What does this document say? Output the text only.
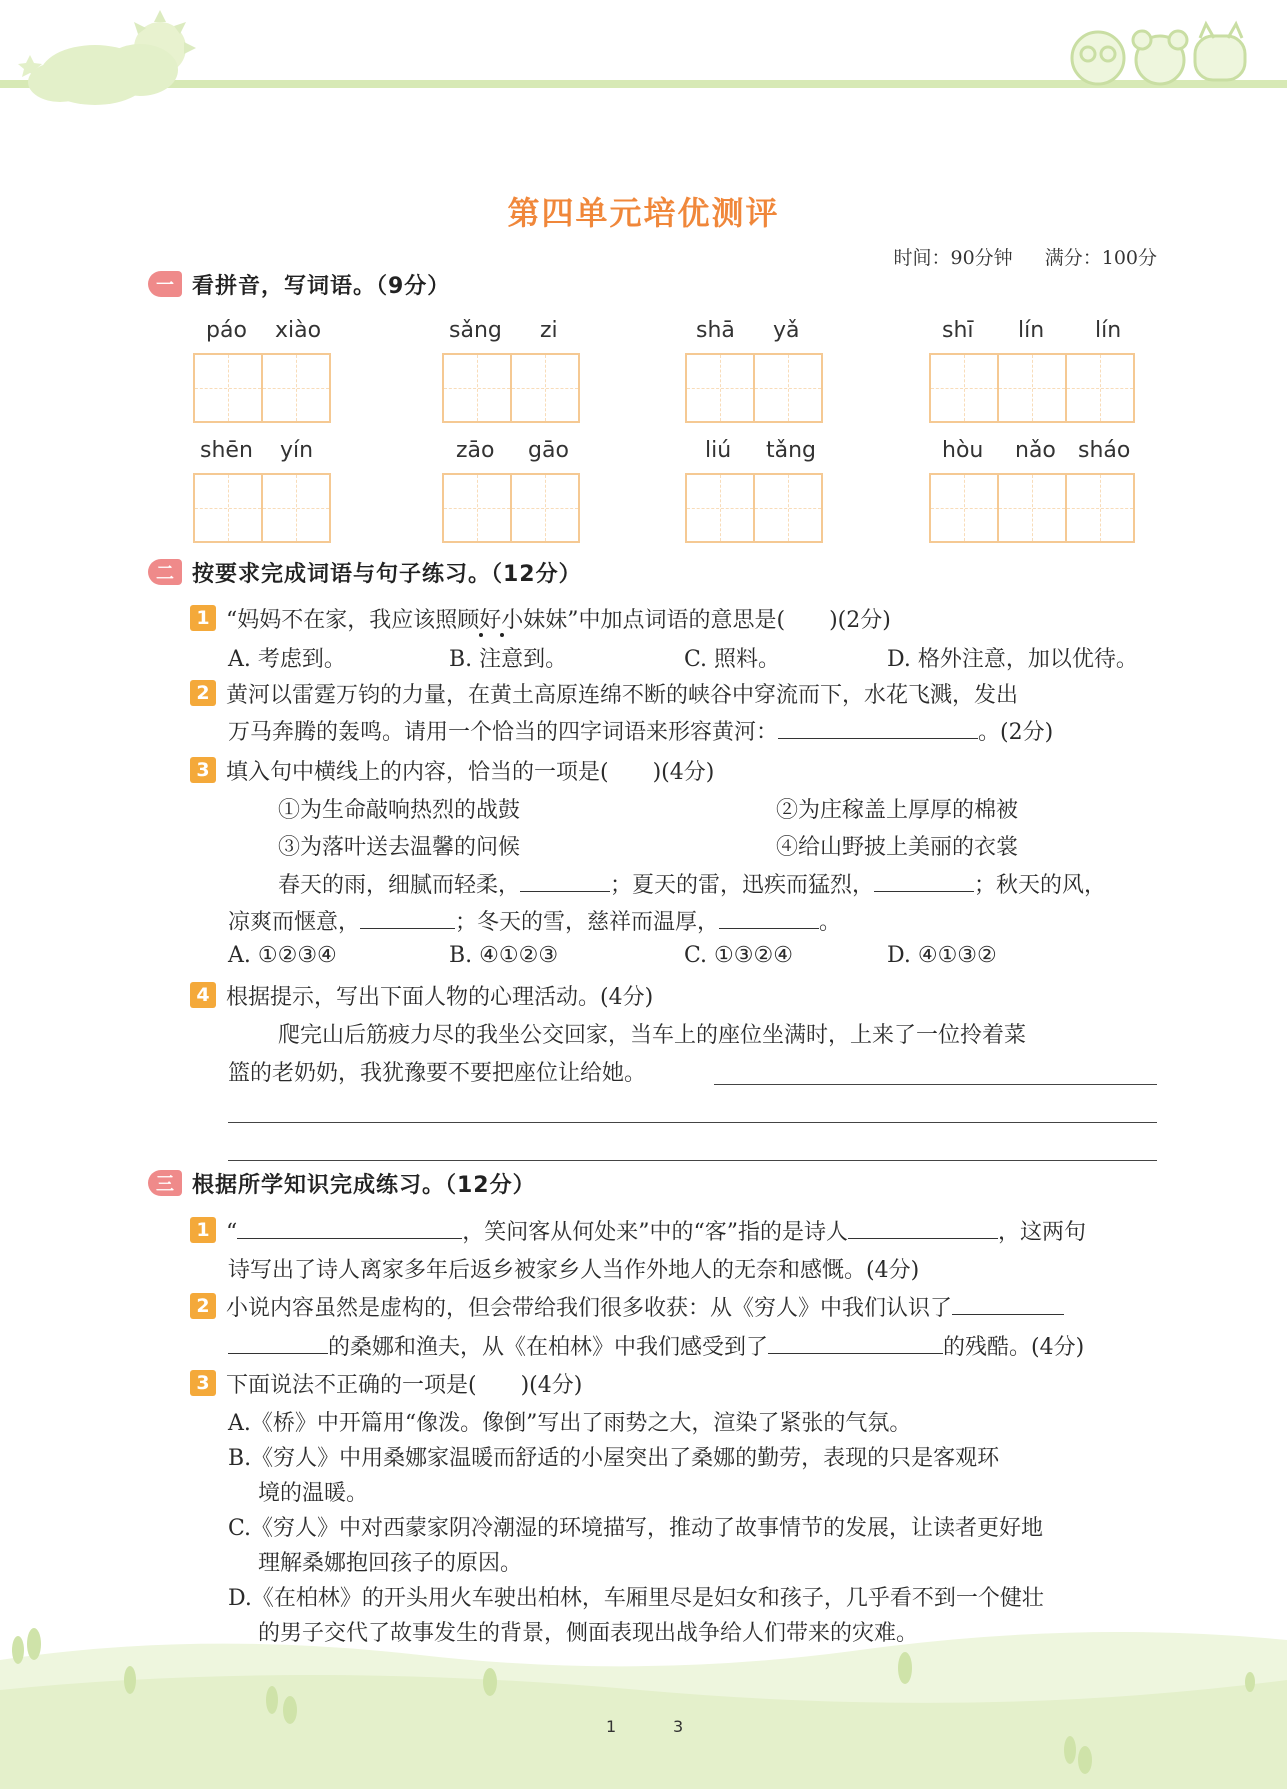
第四单元培优测评
时间：90分钟 满分：100分
一 看拼音，写词语。（9分）
páo xiào	sǎng zi	shā yǎ	shī lín lín
shēn yín	zāo gāo	liú tǎng	hòu nǎo sháo
二 按要求完成词语与句子练习。（12分）
1 “妈妈不在家，我应该照顾好小妹妹”中加点词语的意思是(　　)(2分)
A. 考虑到。	B. 注意到。	C. 照料。	D. 格外注意，加以优待。
2 黄河以雷霆万钧的力量，在黄土高原连绵不断的峡谷中穿流而下，水花飞溅，发出
万马奔腾的轰鸣。请用一个恰当的四字词语来形容黄河：	。(2分)
3 填入句中横线上的内容，恰当的一项是(　　)(4分)
①为生命敲响热烈的战鼓	②为庄稼盖上厚厚的棉被
③为落叶送去温馨的问候	④给山野披上美丽的衣裳
春天的雨，细腻而轻柔，	；夏天的雷，迅疾而猛烈，	；秋天的风，
凉爽而惬意，	；冬天的雪，慈祥而温厚，	。
A. ①②③④	B. ④①②③	C. ①③②④	D. ④①③②
4 根据提示，写出下面人物的心理活动。(4分)
爬完山后筋疲力尽的我坐公交回家，当车上的座位坐满时，上来了一位拎着菜
篮的老奶奶，我犹豫要不要把座位让给她。
三 根据所学知识完成练习。（12分）
1 “	，笑问客从何处来”中的“客”指的是诗人	，这两句
诗写出了诗人离家多年后返乡被家乡人当作外地人的无奈和感慨。(4分)
2 小说内容虽然是虚构的，但会带给我们很多收获：从《穷人》中我们认识了
的桑娜和渔夫，从《在柏林》中我们感受到了	的残酷。(4分)
3 下面说法不正确的一项是(　　)(4分)
A.《桥》中开篇用“像泼。像倒”写出了雨势之大，渲染了紧张的气氛。
B.《穷人》中用桑娜家温暖而舒适的小屋突出了桑娜的勤劳，表现的只是客观环
境的温暖。
C.《穷人》中对西蒙家阴冷潮湿的环境描写，推动了故事情节的发展，让读者更好地
理解桑娜抱回孩子的原因。
D.《在柏林》的开头用火车驶出柏林，车厢里尽是妇女和孩子，几乎看不到一个健壮
的男子交代了故事发生的背景，侧面表现出战争给人们带来的灾难。
1	3
